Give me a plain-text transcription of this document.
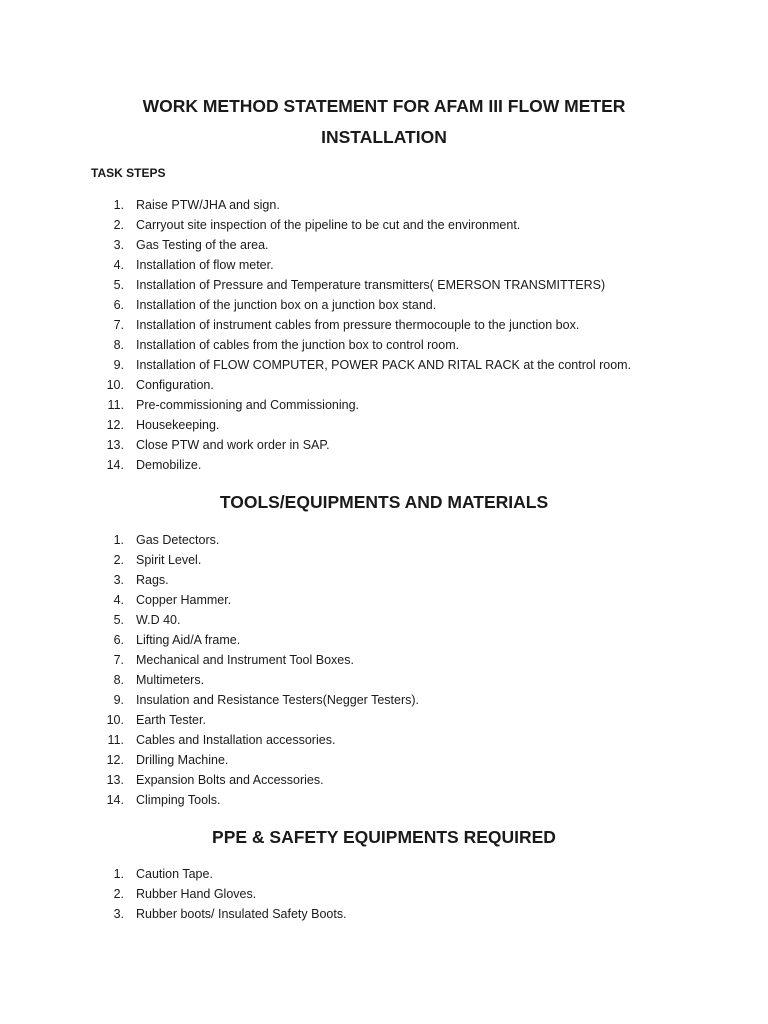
WORK METHOD STATEMENT FOR AFAM III FLOW METER
INSTALLATION
TASK STEPS
1. Raise PTW/JHA and sign.
2. Carryout site inspection of the pipeline to be cut and the environment.
3. Gas Testing of the area.
4. Installation of flow meter.
5. Installation of Pressure and Temperature transmitters( EMERSON TRANSMITTERS)
6. Installation of the junction box on a junction box stand.
7. Installation of instrument cables from pressure thermocouple to the junction box.
8. Installation of cables from the junction box to control room.
9. Installation of FLOW COMPUTER, POWER PACK AND RITAL RACK at the control room.
10. Configuration.
11. Pre-commissioning and Commissioning.
12. Housekeeping.
13. Close PTW and work order in SAP.
14. Demobilize.
TOOLS/EQUIPMENTS AND MATERIALS
1. Gas Detectors.
2. Spirit Level.
3. Rags.
4. Copper Hammer.
5. W.D 40.
6. Lifting Aid/A frame.
7. Mechanical and Instrument Tool Boxes.
8. Multimeters.
9. Insulation and Resistance Testers(Negger Testers).
10. Earth Tester.
11. Cables and Installation accessories.
12. Drilling Machine.
13. Expansion Bolts and Accessories.
14. Climping Tools.
PPE & SAFETY EQUIPMENTS REQUIRED
1. Caution Tape.
2. Rubber Hand Gloves.
3. Rubber boots/ Insulated Safety Boots.
